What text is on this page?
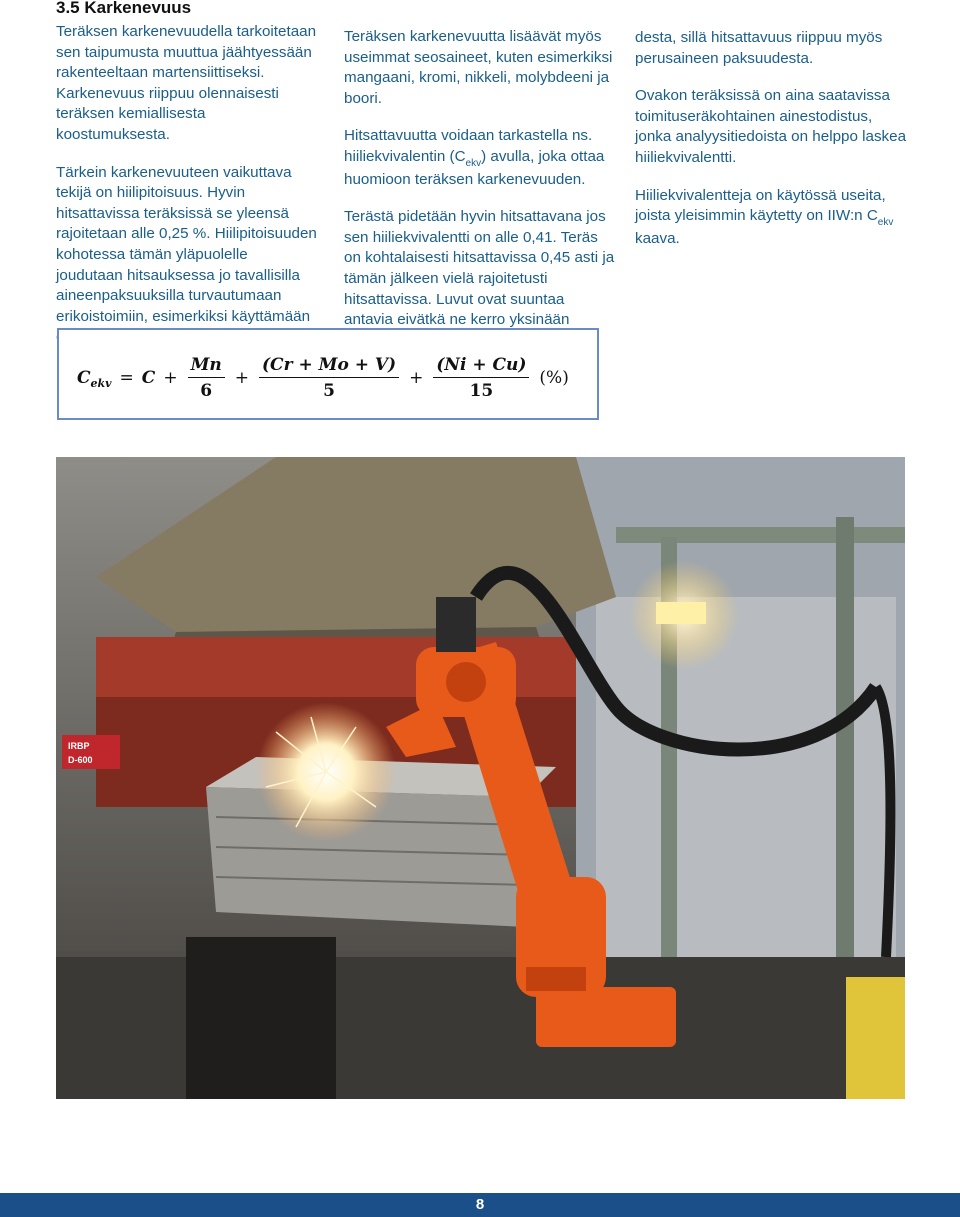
3.5 Karkenevuus

Teräksen karkenevuudella tarkoitetaan sen taipumusta muuttua jäähtyessään rakenteeltaan martensiittiseksi. Karkenevuus riippuu olennaisesti teräksen kemiallisesta koostumuksesta.

Tärkein karkenevuuteen vaikuttava tekijä on hiilipitoisuus. Hyvin hitsattavissa teräksissä se yleensä rajoitetaan alle 0,25 %. Hiilipitoisuuden kohotessa tämän yläpuolelle joudutaan hitsauksessa jo tavallisilla aineenpaksuuksilla turvautumaan erikoistoimiin, esimerkiksi käyttämään

Teräksen karkenevuutta lisäävät myös useimmat seosaineet, kuten esimerkiksi mangaani, kromi, nikkeli, molybdeeni ja boori.

Hitsattavuutta voidaan tarkastella ns. hiiliekvivalentin $(C_{ekv})$ avulla, joka ottaa huomioon teräksen karkenevuuden.

Terästä pidetään hyvin hitsattavana jos sen hiiliekvivalentti on alle 0,41. Teräs on kohtalaisesti hitsattavissa 0,45 asti ja tämän jälkeen vielä rajoitetusti hitsattavissa. Luvut ovat suuntaa antavia eivätkä ne kerro yksinään

desta, sillä hitsattavuus riippuu myös perusaineen paksuudesta.

Ovakon teräksissä on aina saatavissa toimituseräkohtainen ainestodistus, jonka analyysitiedoista on helppo laskea hiiliekvivalentti.

Hiiliekvivalentteja on käytössä useita, joista yleisimmin käytetty on IIW:n $C_{ekv}$ kaava.

C ekv = $C + \frac{Mn}{6} + \frac{(Cr + Mo + V)}{5} + \frac{(Ni + Cu)}{15}$ (%)
IRBP
D-600
8
